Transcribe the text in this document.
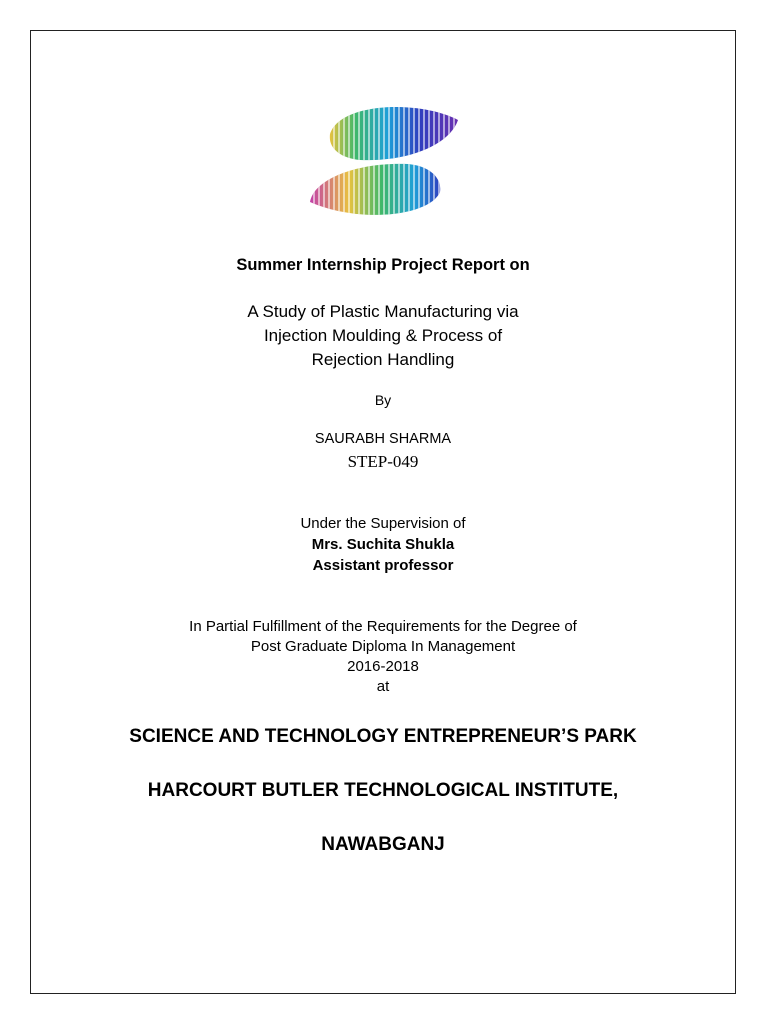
Summer Internship Project Report on
A Study of Plastic Manufacturing via
Injection Moulding & Process of
Rejection Handling
By
SAURABH SHARMA
STEP-049
Under the Supervision of
Mrs. Suchita Shukla
Assistant professor
In Partial Fulfillment of the Requirements for the Degree of
Post Graduate Diploma In Management
2016-2018
at
SCIENCE AND TECHNOLOGY ENTREPRENEUR’S PARK
HARCOURT BUTLER TECHNOLOGICAL INSTITUTE,
NAWABGANJ
